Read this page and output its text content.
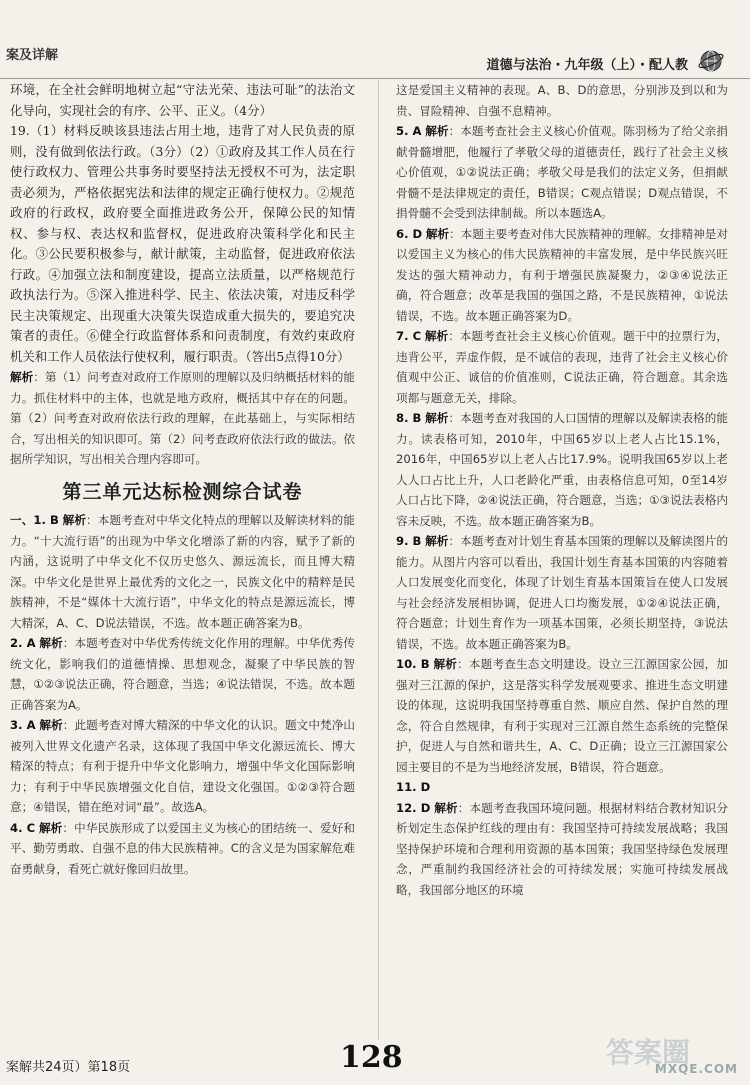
案及详解
道德与法治・九年级（上）・配人教

环境，在全社会鲜明地树立起“守法光荣、违法可耻”的法治文化导向，实现社会的有序、公平、正义。（4分）

19.（1）材料反映该县违法占用土地，违背了对人民负责的原则，没有做到依法行政。（3分）（2）①政府及其工作人员在行使行政权力、管理公共事务时要坚持法无授权不可为，法定职责必须为，严格依据宪法和法律的规定正确行使权力。②规范政府的行政权，政府要全面推进政务公开，保障公民的知情权、参与权、表达权和监督权，促进政府决策科学化和民主化。③公民要积极参与，献计献策，主动监督，促进政府依法行政。④加强立法和制度建设，提高立法质量，以严格规范行政执法行为。⑤深入推进科学、民主、依法决策，对违反科学民主决策规定、出现重大决策失误造成重大损失的，要追究决策者的责任。⑥健全行政监督体系和问责制度，有效约束政府机关和工作人员依法行使权利，履行职责。（答出5点得10分）

解析：第（1）问考查对政府工作原则的理解以及归纳概括材料的能力。抓住材料中的主体，也就是地方政府，概括其中存在的问题。第（2）问考查对政府依法行政的理解，在此基础上，与实际相结合，写出相关的知识即可。第（2）问考查政府依法行政的做法。依据所学知识，写出相关合理内容即可。

第三单元达标检测综合试卷

一、1. B 解析：本题考查对中华文化特点的理解以及解读材料的能力。“十大流行语”的出现为中华文化增添了新的内容，赋予了新的内涵，这说明了中华文化不仅历史悠久、源远流长，而且博大精深。中华文化是世界上最优秀的文化之一，民族文化中的精粹是民族精神，不是“媒体十大流行语”，中华文化的特点是源远流长，博大精深，A、C、D说法错误，不选。故本题正确答案为B。

2. A 解析：本题考查对中华优秀传统文化作用的理解。中华优秀传统文化，影响我们的道德情操、思想观念，凝聚了中华民族的智慧，①②③说法正确，符合题意，当选；④说法错误，不选。故本题正确答案为A。

3. A 解析：此题考查对博大精深的中华文化的认识。题文中梵净山被列入世界文化遗产名录，这体现了我国中华文化源远流长、博大精深的特点；有利于提升中华文化影响力，增强中华文化国际影响力；有利于中华民族增强文化自信，建设文化强国。①②③符合题意；④错误，错在绝对词“最”。故选A。

4. C 解析：中华民族形成了以爱国主义为核心的团结统一、爱好和平、勤劳勇敢、自强不息的伟大民族精神。C的含义是为国家解危难奋勇献身，看死亡就好像回归故里。

这是爱国主义精神的表现。A、B、D的意思，分别涉及到以和为贵、冒险精神、自强不息精神。

5. A 解析：本题考查社会主义核心价值观。陈羽杨为了给父亲捐献骨髓增肥，他履行了孝敬父母的道德责任，践行了社会主义核心价值观，①②说法正确；孝敬父母是我们的法定义务，但捐献骨髓不是法律规定的责任，B错误；C观点错误；D观点错误，不捐骨髓不会受到法律制裁。所以本题选A。

6. D 解析：本题主要考查对伟大民族精神的理解。女排精神是对以爱国主义为核心的伟大民族精神的丰富发展，是中华民族兴旺发达的强大精神动力，有利于增强民族凝聚力，②③④说法正确，符合题意；改革是我国的强国之路，不是民族精神，①说法错误，不选。故本题正确答案为D。

7. C 解析：本题考查社会主义核心价值观。题干中的拉票行为，违背公平，弄虚作假，是不诚信的表现，违背了社会主义核心价值观中公正、诚信的价值准则，C说法正确，符合题意。其余选项都与题意无关，排除。

8. B 解析：本题考查对我国的人口国情的理解以及解读表格的能力。读表格可知，2010年，中国65岁以上老人占比15.1%，2016年，中国65岁以上老人占比17.9%。说明我国65岁以上老人人口占比上升，人口老龄化严重，由表格信息可知，0至14岁人口占比下降，②④说法正确，符合题意，当选；①③说法表格内容未反映，不选。故本题正确答案为B。

9. B 解析：本题考查对计划生育基本国策的理解以及解读图片的能力。从图片内容可以看出，我国计划生育基本国策的内容随着人口发展变化而变化，体现了计划生育基本国策旨在使人口发展与社会经济发展相协调，促进人口均衡发展，①②④说法正确，符合题意；计划生育作为一项基本国策，必须长期坚持，③说法错误，不选。故本题正确答案为B。

10. B 解析：本题考查生态文明建设。设立三江源国家公园，加强对三江源的保护，这是落实科学发展观要求、推进生态文明建设的体现，这说明我国坚持尊重自然、顺应自然、保护自然的理念，符合自然规律，有利于实现对三江源自然生态系统的完整保护，促进人与自然和谐共生，A、C、D正确；设立三江源国家公园主要目的不是为当地经济发展，B错误，符合题意。

11. D

12. D 解析：本题考查我国环境问题。根据材料结合教材知识分析划定生态保护红线的理由有：我国坚持可持续发展战略；我国坚持保护环境和合理利用资源的基本国策；我国坚持绿色发展理念，严重制约我国经济社会的可持续发展；实施可持续发展战略，我国部分地区的环境

案解共24页）第18页	128	答案圈
MXQE.COM
